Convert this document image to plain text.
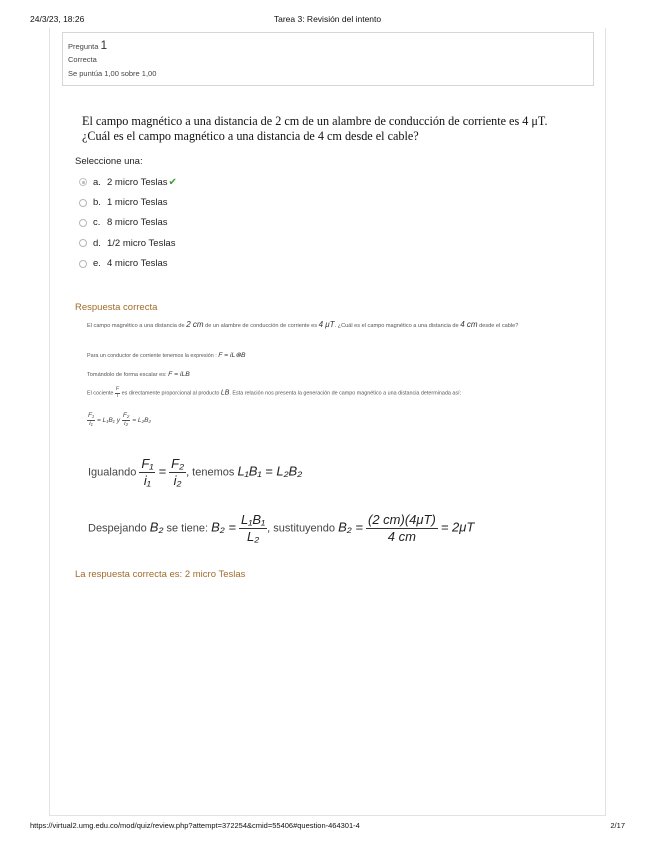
24/3/23, 18:26	Tarea 3: Revisión del intento
Pregunta 1
Correcta
Se puntúa 1,00 sobre 1,00
El campo magnético a una distancia de 2 cm de un alambre de conducción de corriente es 4 μT.
¿Cuál es el campo magnético a una distancia de 4 cm desde el cable?
Seleccione una:
a. 2 micro Teslas ✔
b. 1 micro Teslas
c. 8 micro Teslas
d. 1/2 micro Teslas
e. 4 micro Teslas
Respuesta correcta
El campo magnético a una distancia de 2 cm de un alambre de conducción de corriente es 4 μT. ¿Cuál es el campo magnético a una distancia de 4 cm desde el cable?
Para un conductor de corriente tenemos la expresión : F = iL⊗B
Tomándolo de forma escalar es: F = iLB
El cociente $\frac{F}{i}$ es directamente proporcional al producto LB. Esta relación nos presenta la generación de campo magnético a una distancia determinada así:
$\frac{\text{F₁}}{\text{i₁}} = L_1B_1$ y $\frac{\text{F₂}}{\text{i₂}} = L_2B_2$
Igualando $\frac{\text{F₁}}{\text{i₁}} = \frac{\text{F₂}}{\text{i₂}}$ , tenemos L₁B₁ = L₂B₂
Despejando B₂ se tiene: $B_2 = \frac{\text{L₁B₁}}{\text{L₂}}$ , sustituyendo $B_2 = \frac{(2 cm)(4\mu T)}{4 cm} = 2\mu T$
La respuesta correcta es: 2 micro Teslas
https://virtual2.umg.edu.co/mod/quiz/review.php?attempt=372254&cmid=55406#question-464301-4	2/17
